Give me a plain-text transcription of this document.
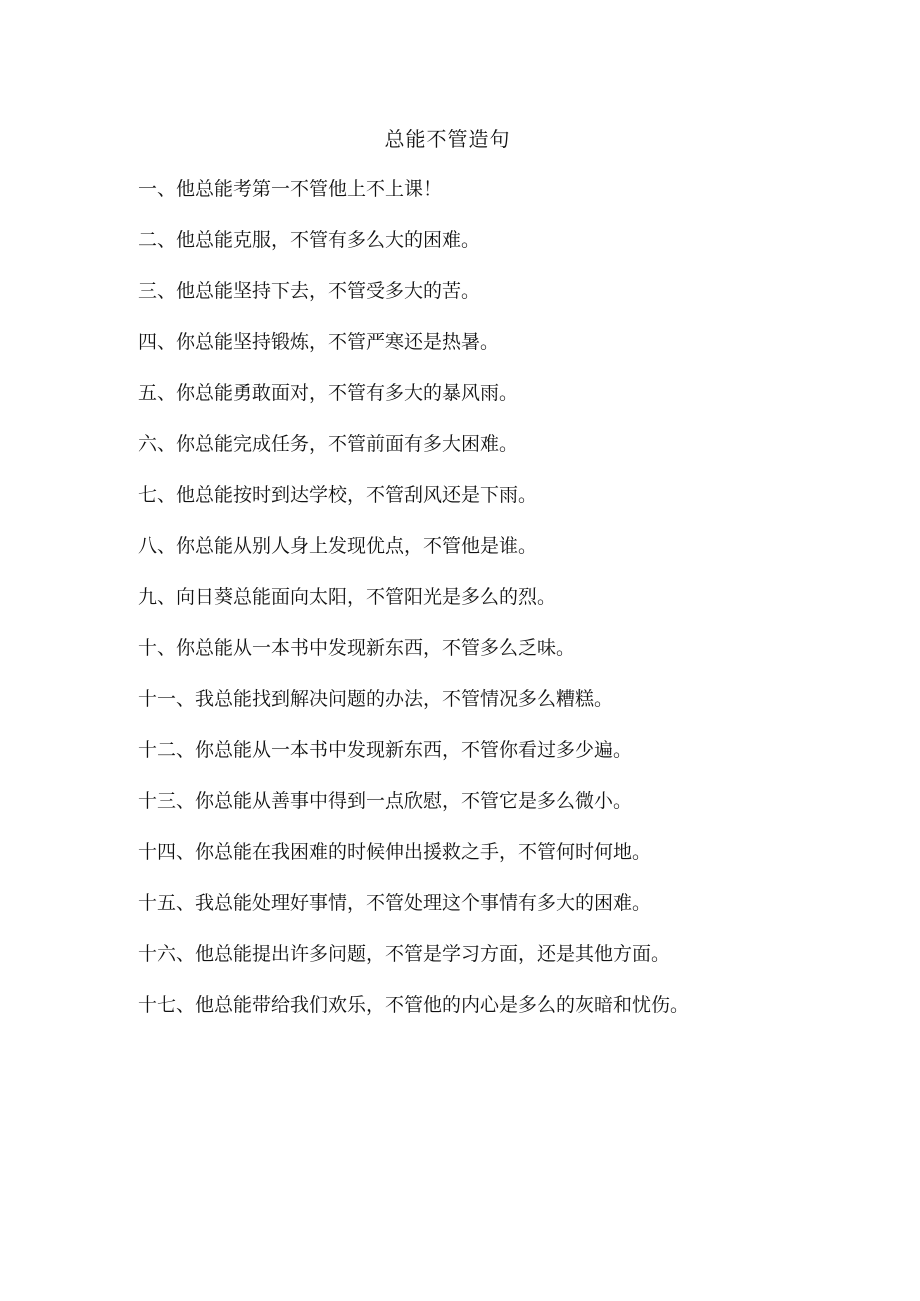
总能不管造句
一、他总能考第一不管他上不上课！
二、他总能克服，不管有多么大的困难。
三、他总能坚持下去，不管受多大的苦。
四、你总能坚持锻炼，不管严寒还是热暑。
五、你总能勇敢面对，不管有多大的暴风雨。
六、你总能完成任务，不管前面有多大困难。
七、他总能按时到达学校，不管刮风还是下雨。
八、你总能从别人身上发现优点，不管他是谁。
九、向日葵总能面向太阳，不管阳光是多么的烈。
十、你总能从一本书中发现新东西，不管多么乏味。
十一、我总能找到解决问题的办法，不管情况多么糟糕。
十二、你总能从一本书中发现新东西，不管你看过多少遍。
十三、你总能从善事中得到一点欣慰，不管它是多么微小。
十四、你总能在我困难的时候伸出援救之手，不管何时何地。
十五、我总能处理好事情，不管处理这个事情有多大的困难。
十六、他总能提出许多问题，不管是学习方面，还是其他方面。
十七、他总能带给我们欢乐，不管他的内心是多么的灰暗和忧伤。
